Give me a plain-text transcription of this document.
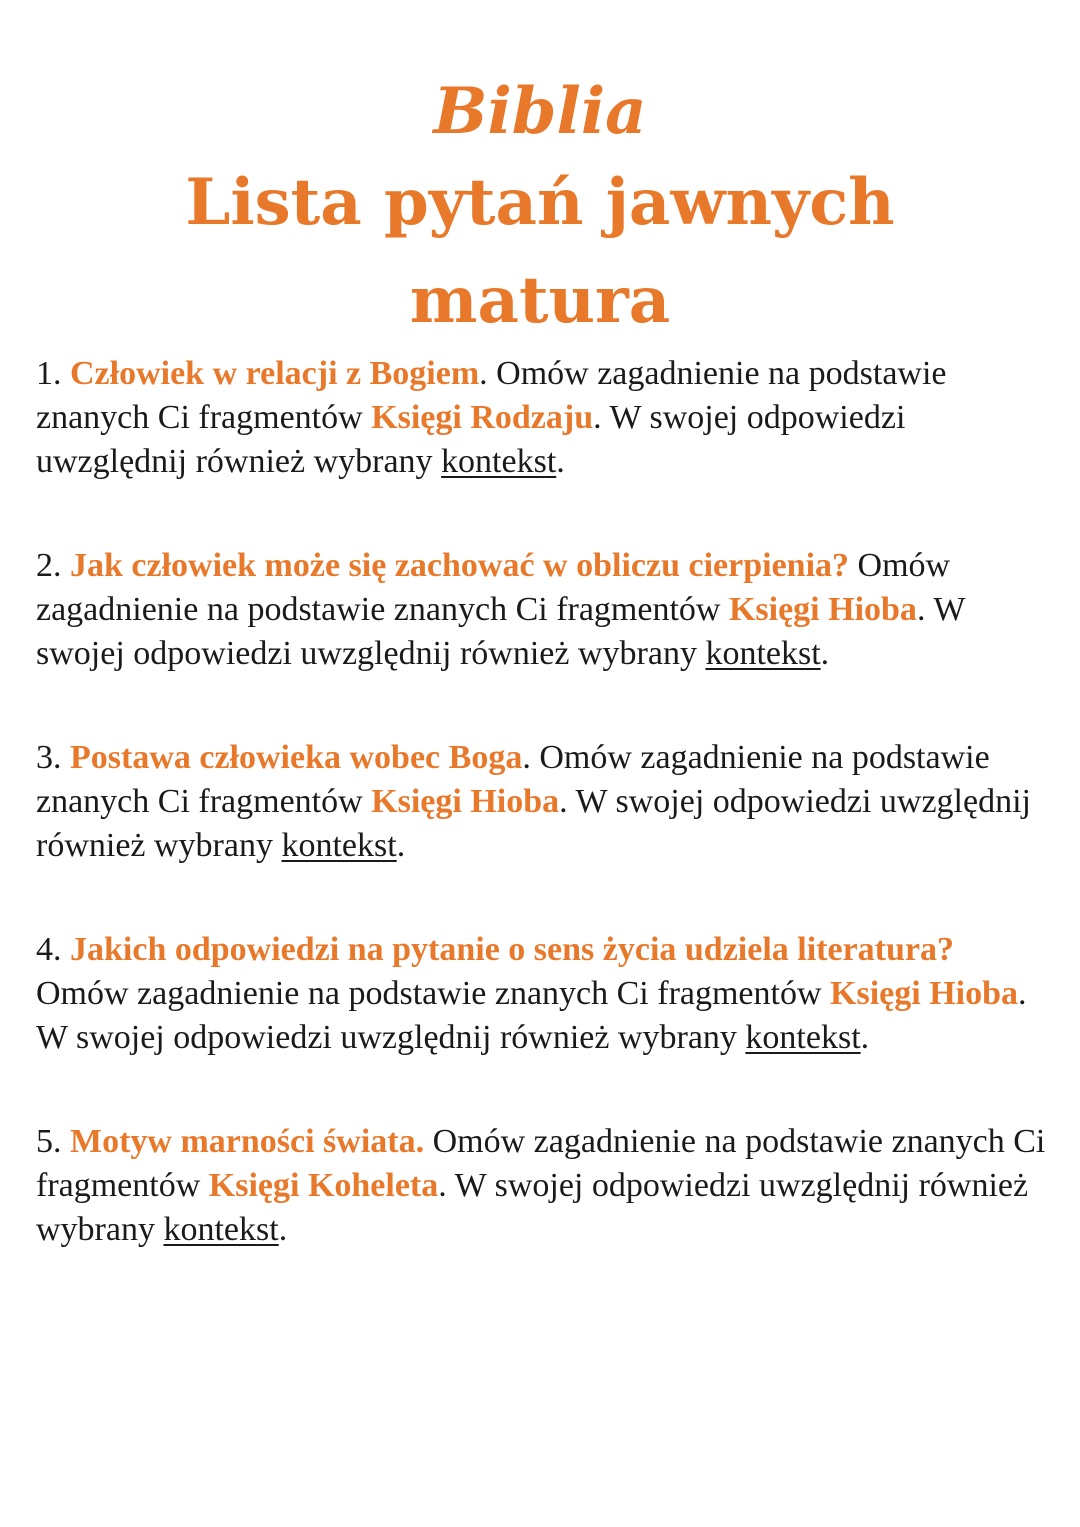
Biblia

Lista pytań jawnych

matura

1. Człowiek w relacji z Bogiem. Omów zagadnienie na podstawie znanych Ci fragmentów Księgi Rodzaju. W swojej odpowiedzi uwzględnij również wybrany kontekst.

2. Jak człowiek może się zachować w obliczu cierpienia? Omów zagadnienie na podstawie znanych Ci fragmentów Księgi Hioba. W swojej odpowiedzi uwzględnij również wybrany kontekst.

3. Postawa człowieka wobec Boga. Omów zagadnienie na podstawie znanych Ci fragmentów Księgi Hioba. W swojej odpowiedzi uwzględnij również wybrany kontekst.

4. Jakich odpowiedzi na pytanie o sens życia udziela literatura? Omów zagadnienie na podstawie znanych Ci fragmentów Księgi Hioba. W swojej odpowiedzi uwzględnij również wybrany kontekst.

5. Motyw marności świata. Omów zagadnienie na podstawie znanych Ci fragmentów Księgi Koheleta. W swojej odpowiedzi uwzględnij również wybrany kontekst.
